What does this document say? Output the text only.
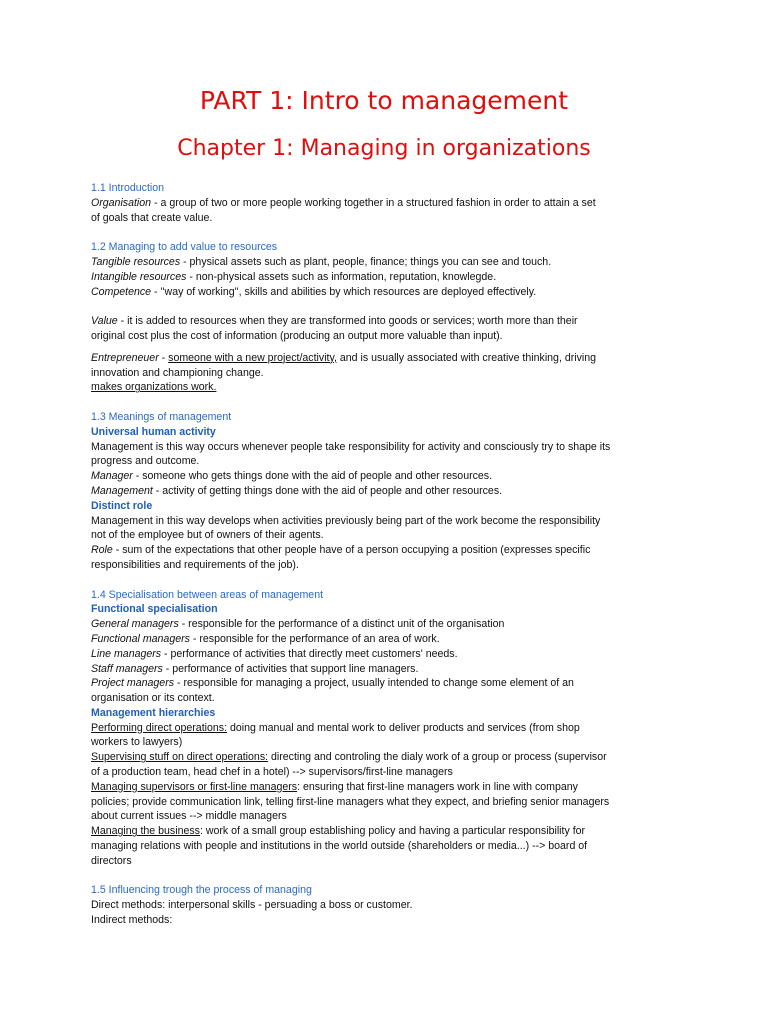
PART 1: Intro to management
Chapter 1: Managing in organizations
1.1 Introduction
Organisation - a group of two or more people working together in a structured fashion in order to attain a set
of goals that create value.
1.2 Managing to add value to resources
Tangible resources - physical assets such as plant, people, finance; things you can see and touch.
Intangible resources - non-physical assets such as information, reputation, knowlegde.
Competence - ''way of working'', skills and abilities by which resources are deployed effectively.
Value - it is added to resources when they are transformed into goods or services; worth more than their
original cost plus the cost of information (producing an output more valuable than input).
Entrepreneuer - someone with a new project/activity, and is usually associated with creative thinking, driving
innovation and championing change.
makes organizations work.
1.3 Meanings of management
Universal human activity
Management is this way occurs whenever people take responsibility for activity and consciously try to shape its
progress and outcome.
Manager - someone who gets things done with the aid of people and other resources.
Management - activity of getting things done with the aid of people and other resources.
Distinct role
Management in this way develops when activities previously being part of the work become the responsibility
not of the employee but of owners of their agents.
Role - sum of the expectations that other people have of a person occupying a position (expresses specific
responsibilities and requirements of the job).
1.4 Specialisation between areas of management
Functional specialisation
General managers - responsible for the performance of a distinct unit of the organisation
Functional managers - responsible for the performance of an area of work.
Line managers - performance of activities that directly meet customers' needs.
Staff managers - performance of activities that support line managers.
Project managers - responsible for managing a project, usually intended to change some element of an
organisation or its context.
Management hierarchies
Performing direct operations: doing manual and mental work to deliver products and services (from shop
workers to lawyers)
Supervising stuff on direct operations: directing and controling the dialy work of a group or process (supervisor
of a production team, head chef in a hotel) --> supervisors/first-line managers
Managing supervisors or first-line managers: ensuring that first-line managers work in line with company
policies; provide communication link, telling first-line managers what they expect, and briefing senior managers
about current issues --> middle managers
Managing the business: work of a small group establishing policy and having a particular responsibility for
managing relations with people and institutions in the world outside (shareholders or media...) --> board of
directors
1.5 Influencing trough the process of managing
Direct methods: interpersonal skills - persuading a boss or customer.
Indirect methods:
